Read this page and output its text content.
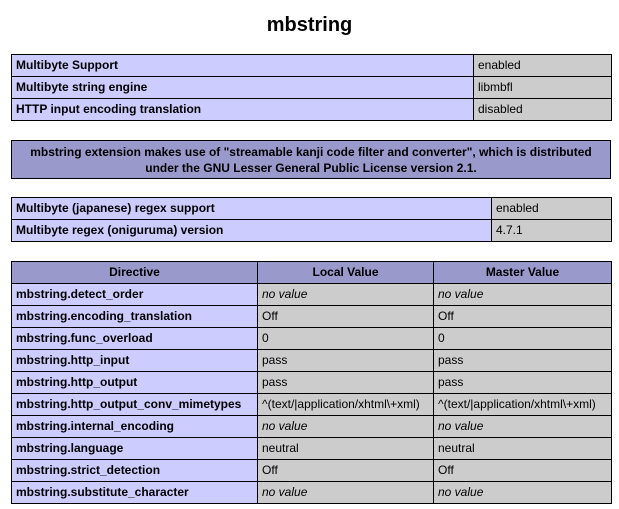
mbstring
Multibyte Support	enabled
Multibyte string engine	libmbfl
HTTP input encoding translation	disabled
mbstring extension makes use of "streamable kanji code filter and converter", which is distributed under the GNU Lesser General Public License version 2.1.
Multibyte (japanese) regex support	enabled
Multibyte regex (oniguruma) version	4.7.1
Directive	Local Value	Master Value
mbstring.detect_order	no value	no value
mbstring.encoding_translation	Off	Off
mbstring.func_overload	0	0
mbstring.http_input	pass	pass
mbstring.http_output	pass	pass
mbstring.http_output_conv_mimetypes	^(text/|application/xhtml\+xml)	^(text/|application/xhtml\+xml)
mbstring.internal_encoding	no value	no value
mbstring.language	neutral	neutral
mbstring.strict_detection	Off	Off
mbstring.substitute_character	no value	no value
